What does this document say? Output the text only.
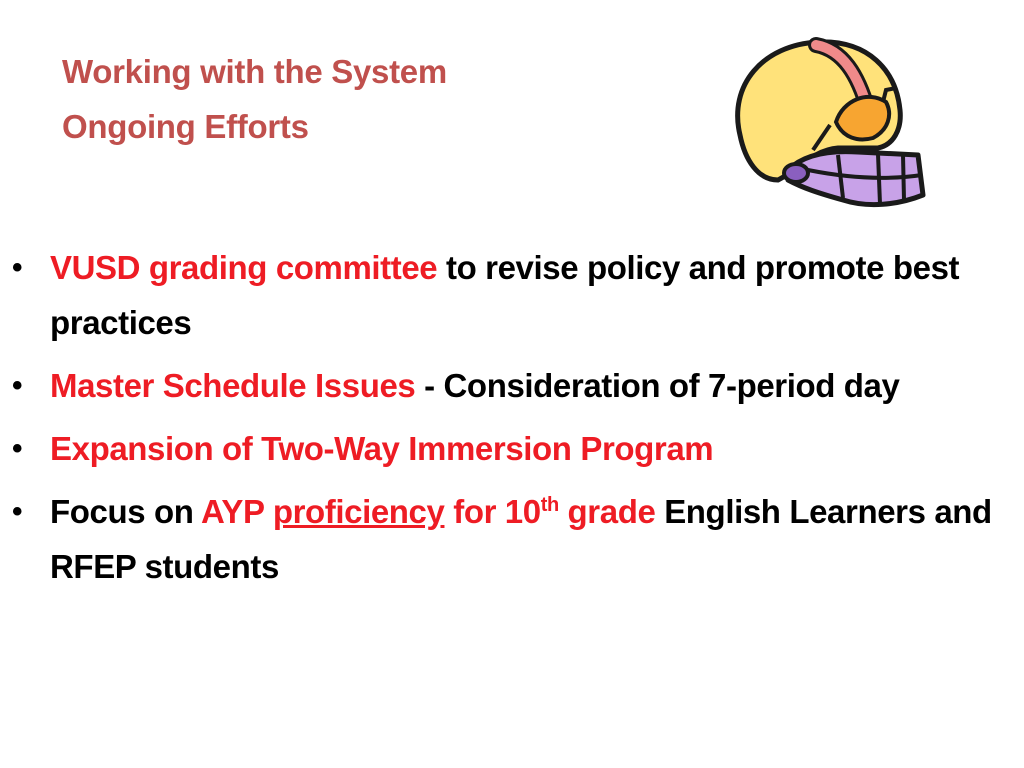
Working with the System
Ongoing Efforts
• VUSD grading committee to revise policy and promote best practices
• Master Schedule Issues - Consideration of 7-period day
• Expansion of Two-Way Immersion Program
• Focus on AYP proficiency for 10th grade English Learners and RFEP students
